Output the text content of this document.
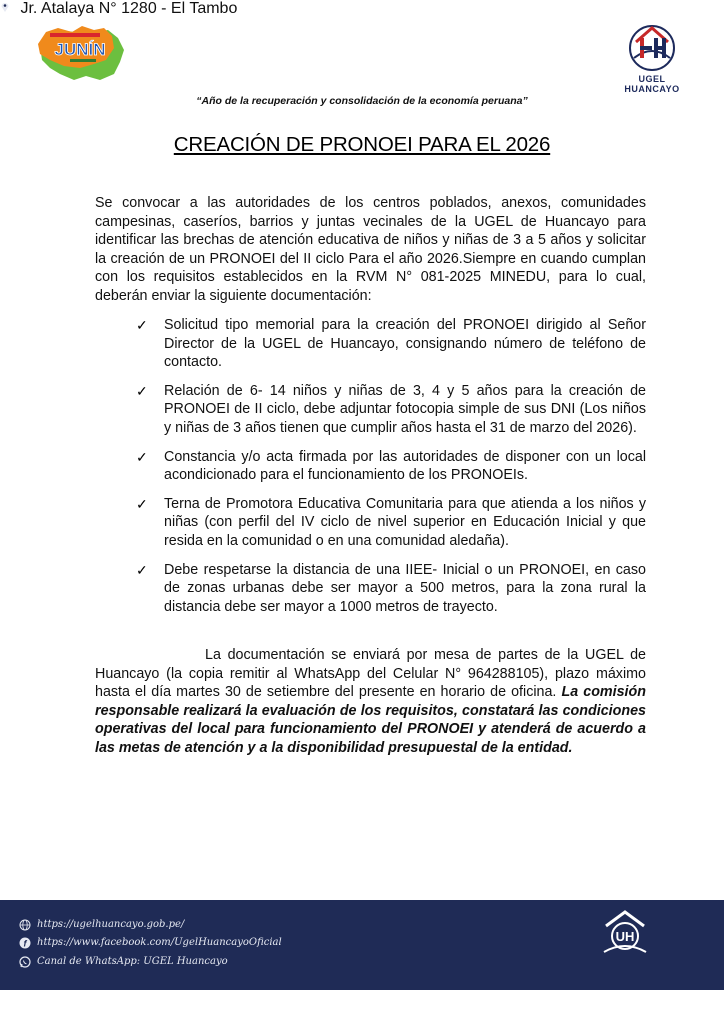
JUNÍN
UGEL
HUANCAYO
“Año de la recuperación y consolidación de la economía peruana”
CREACIÓN DE PRONOEI PARA EL 2026
Se convocar a las autoridades de los centros poblados, anexos, comunidades campesinas, caseríos, barrios y juntas vecinales de la UGEL de Huancayo para identificar las brechas de atención educativa de niños y niñas de 3 a 5 años y solicitar la creación de un PRONOEI del II ciclo Para el año 2026.Siempre en cuando cumplan con los requisitos establecidos en la RVM N° 081-2025 MINEDU, para lo cual, deberán enviar la siguiente documentación:
✓ Solicitud tipo memorial para la creación del PRONOEI dirigido al Señor Director de la UGEL de Huancayo, consignando número de teléfono de contacto.
✓ Relación de 6- 14 niños y niñas de 3, 4 y 5 años para la creación de PRONOEI de II ciclo, debe adjuntar fotocopia simple de sus DNI (Los niños y niñas de 3 años tienen que cumplir años hasta el 31 de marzo del 2026).
✓ Constancia y/o acta firmada por las autoridades de disponer con un local acondicionado para el funcionamiento de los PRONOEIs.
✓ Terna de Promotora Educativa Comunitaria para que atienda a los niños y niñas (con perfil del IV ciclo de nivel superior en Educación Inicial y que resida en la comunidad o en una comunidad aledaña).
✓ Debe respetarse la distancia de una IIEE- Inicial o un PRONOEI, en caso de zonas urbanas debe ser mayor a 500 metros, para la zona rural la distancia debe ser mayor a 1000 metros de trayecto.
La documentación se enviará por mesa de partes de la UGEL de Huancayo (la copia remitir al WhatsApp del Celular N° 964288105), plazo máximo hasta el día martes 30 de setiembre del presente en horario de oficina. La comisión responsable realizará la evaluación de los requisitos, constatará las condiciones operativas del local para funcionamiento del PRONOEI y atenderá de acuerdo a las metas de atención y a la disponibilidad presupuestal de la entidad.
https://ugelhuancayo.gob.pe/
f https://www.facebook.com/UgelHuancayoOficial
Canal de WhatsApp: UGEL Huancayo
UH
Jr. Atalaya N° 1280 - El Tambo
